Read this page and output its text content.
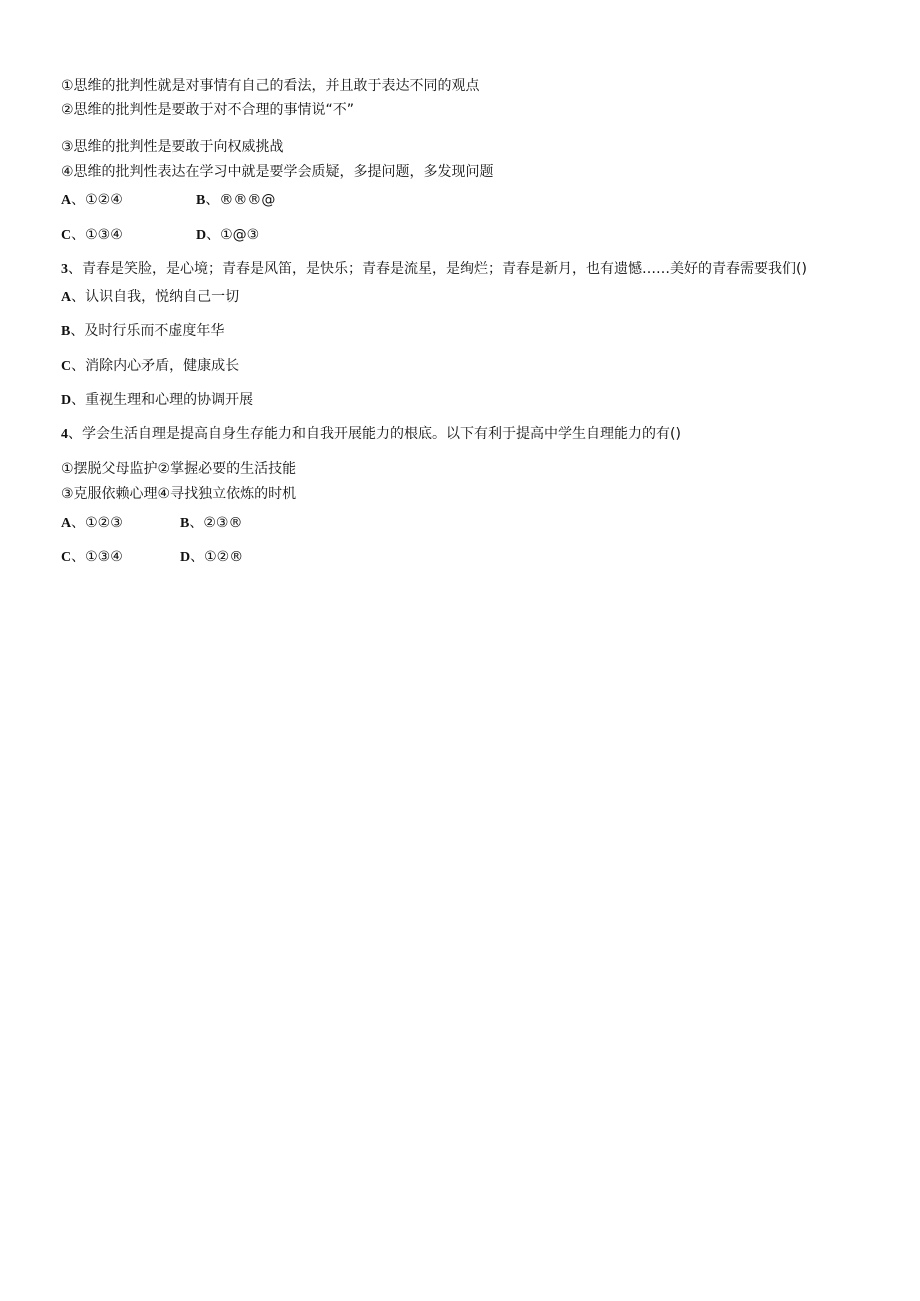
①思维的批判性就是对事情有自己的看法，并且敢于表达不同的观点
②思维的批判性是要敢于对不合理的事情说“不”
③思维的批判性是要敢于向权威挑战
④思维的批判性表达在学习中就是要学会质疑，多提问题，多发现问题
A、①②④	B、®®®@
C、①③④	D、①@③
3、青春是笑脸，是心境；青春是风笛，是快乐；青春是流星，是绚烂；青春是新月，也有遗憾……美好的青春需要我们()
A、认识自我，悦纳自己一切
B、及时行乐而不虚度年华
C、消除内心矛盾，健康成长
D、重视生理和心理的协调开展
4、学会生活自理是提高自身生存能力和自我开展能力的根底。以下有利于提高中学生自理能力的有()
①摆脱父母监护②掌握必要的生活技能
③克服依赖心理④寻找独立依炼的时机
A、①②③	B、②③®
C、①③④	D、①②®
